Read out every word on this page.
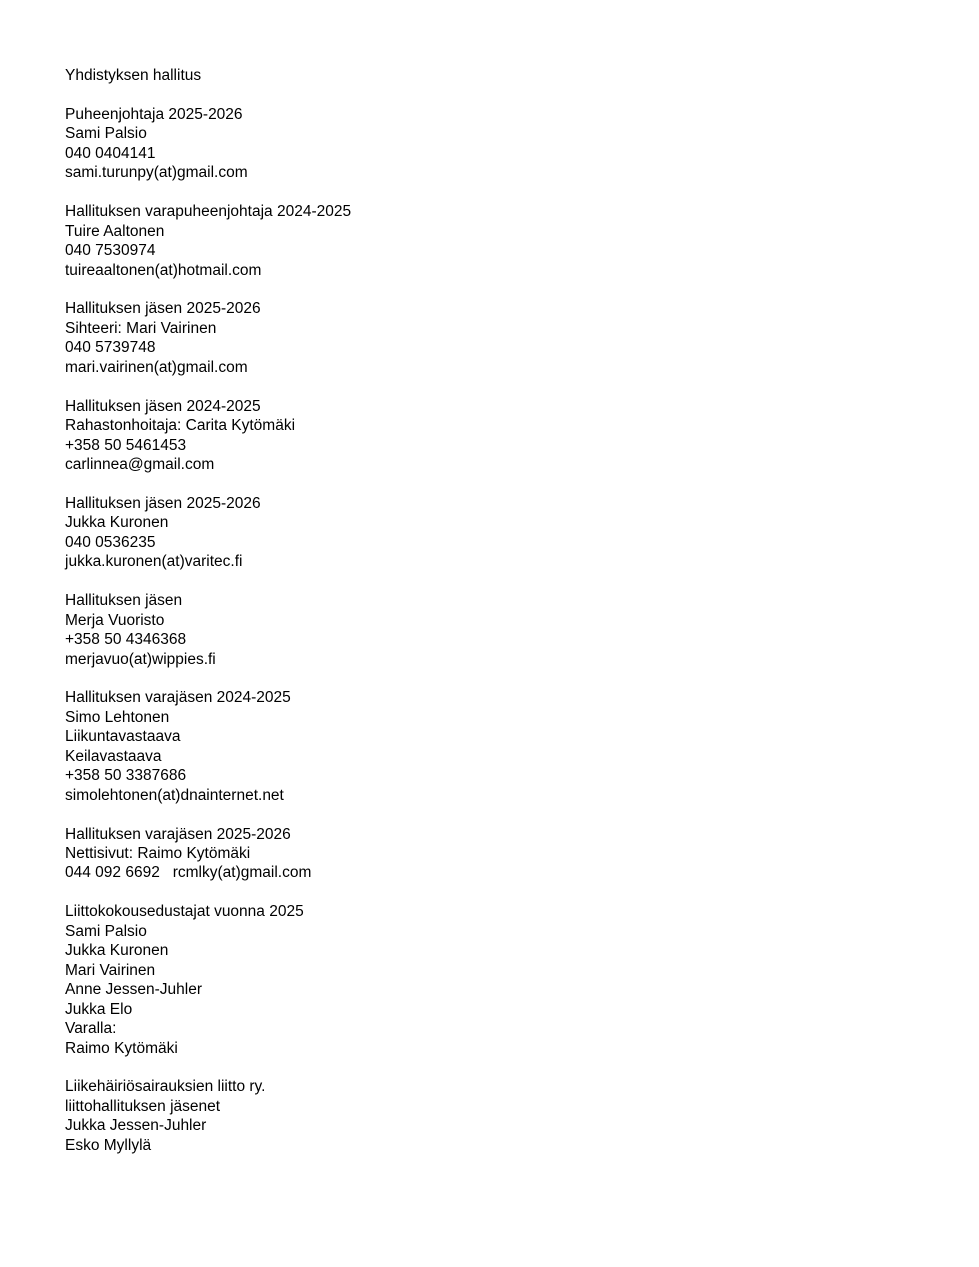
Yhdistyksen hallitus
Puheenjohtaja 2025-2026
Sami Palsio
040 0404141
sami.turunpy(at)gmail.com
Hallituksen varapuheenjohtaja 2024-2025
Tuire Aaltonen
040 7530974
tuireaaltonen(at)hotmail.com
Hallituksen jäsen 2025-2026
Sihteeri: Mari Vairinen
040 5739748
mari.vairinen(at)gmail.com
Hallituksen jäsen 2024-2025
Rahastonhoitaja: Carita Kytömäki
+358 50 5461453
carlinnea@gmail.com
Hallituksen jäsen 2025-2026
Jukka Kuronen
040 0536235
jukka.kuronen(at)varitec.fi
Hallituksen jäsen
Merja Vuoristo
+358 50 4346368
merjavuo(at)wippies.fi
Hallituksen varajäsen 2024-2025
Simo Lehtonen
Liikuntavastaava
Keilavastaava
+358 50 3387686
simolehtonen(at)dnainternet.net
Hallituksen varajäsen 2025-2026
Nettisivut: Raimo Kytömäki
044 092 6692   rcmlky(at)gmail.com
Liittokokousedustajat vuonna 2025
Sami Palsio
Jukka Kuronen
Mari Vairinen
Anne Jessen-Juhler
Jukka Elo
Varalla:
Raimo Kytömäki
Liikehäiriösairauksien liitto ry.
liittohallituksen jäsenet
Jukka Jessen-Juhler
Esko Myllylä
